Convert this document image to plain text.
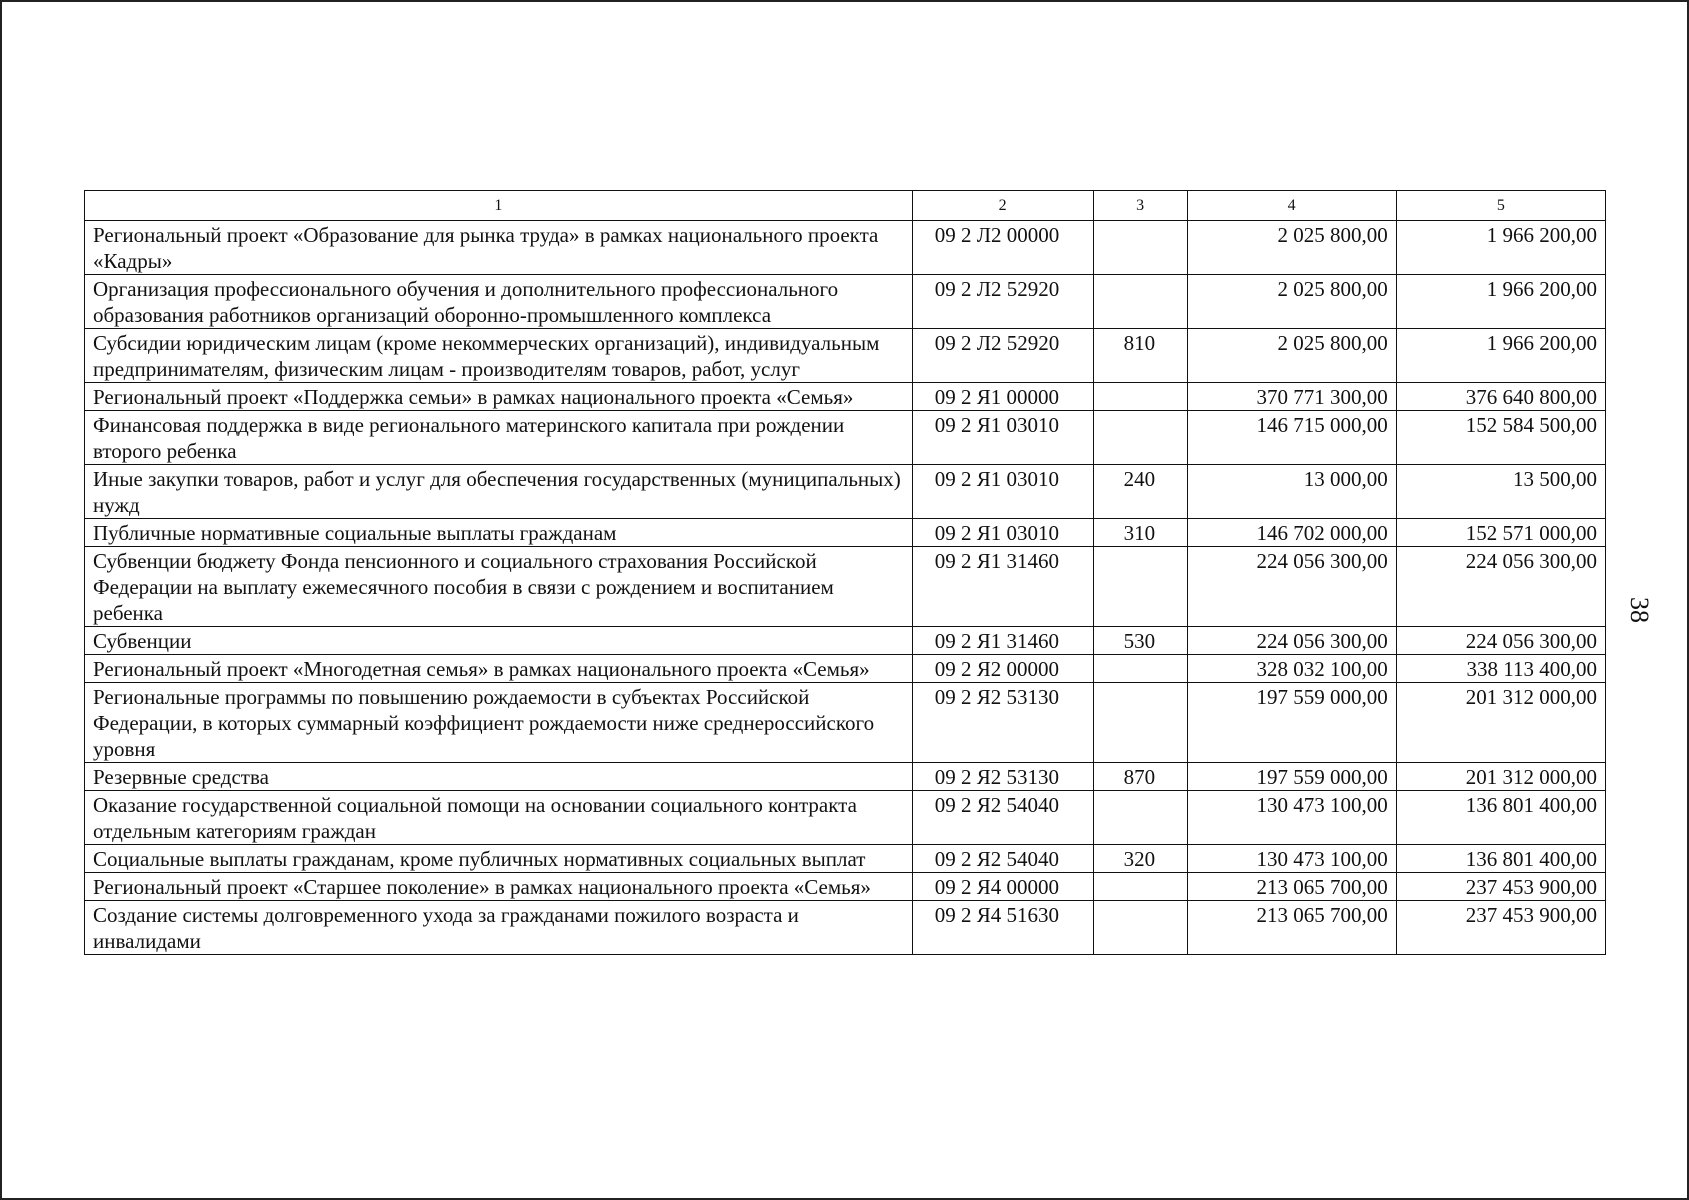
1	2	3	4	5
Региональный проект «Образование для рынка труда» в рамках национального проекта «Кадры»	09 2 Л2 00000		2 025 800,00	1 966 200,00
Организация профессионального обучения и дополнительного профессионального образования работников организаций оборонно-промышленного комплекса	09 2 Л2 52920		2 025 800,00	1 966 200,00
Субсидии юридическим лицам (кроме некоммерческих организаций), индивидуальным предпринимателям, физическим лицам - производителям товаров, работ, услуг	09 2 Л2 52920	810	2 025 800,00	1 966 200,00
Региональный проект «Поддержка семьи» в рамках национального проекта «Семья»	09 2 Я1 00000		370 771 300,00	376 640 800,00
Финансовая поддержка в виде регионального материнского капитала при рождении второго ребенка	09 2 Я1 03010		146 715 000,00	152 584 500,00
Иные закупки товаров, работ и услуг для обеспечения государственных (муниципальных) нужд	09 2 Я1 03010	240	13 000,00	13 500,00
Публичные нормативные социальные выплаты гражданам	09 2 Я1 03010	310	146 702 000,00	152 571 000,00
Субвенции бюджету Фонда пенсионного и социального страхования Российской Федерации на выплату ежемесячного пособия в связи с рождением и воспитанием ребенка	09 2 Я1 31460		224 056 300,00	224 056 300,00
Субвенции	09 2 Я1 31460	530	224 056 300,00	224 056 300,00
Региональный проект «Многодетная семья» в рамках национального проекта «Семья»	09 2 Я2 00000		328 032 100,00	338 113 400,00
Региональные программы по повышению рождаемости в субъектах Российской Федерации, в которых суммарный коэффициент рождаемости ниже среднероссийского уровня	09 2 Я2 53130		197 559 000,00	201 312 000,00
Резервные средства	09 2 Я2 53130	870	197 559 000,00	201 312 000,00
Оказание государственной социальной помощи на основании социального контракта отдельным категориям граждан	09 2 Я2 54040		130 473 100,00	136 801 400,00
Социальные выплаты гражданам, кроме публичных нормативных социальных выплат	09 2 Я2 54040	320	130 473 100,00	136 801 400,00
Региональный проект «Старшее поколение» в рамках национального проекта «Семья»	09 2 Я4 00000		213 065 700,00	237 453 900,00
Создание системы долговременного ухода за гражданами пожилого возраста и инвалидами	09 2 Я4 51630		213 065 700,00	237 453 900,00
38
